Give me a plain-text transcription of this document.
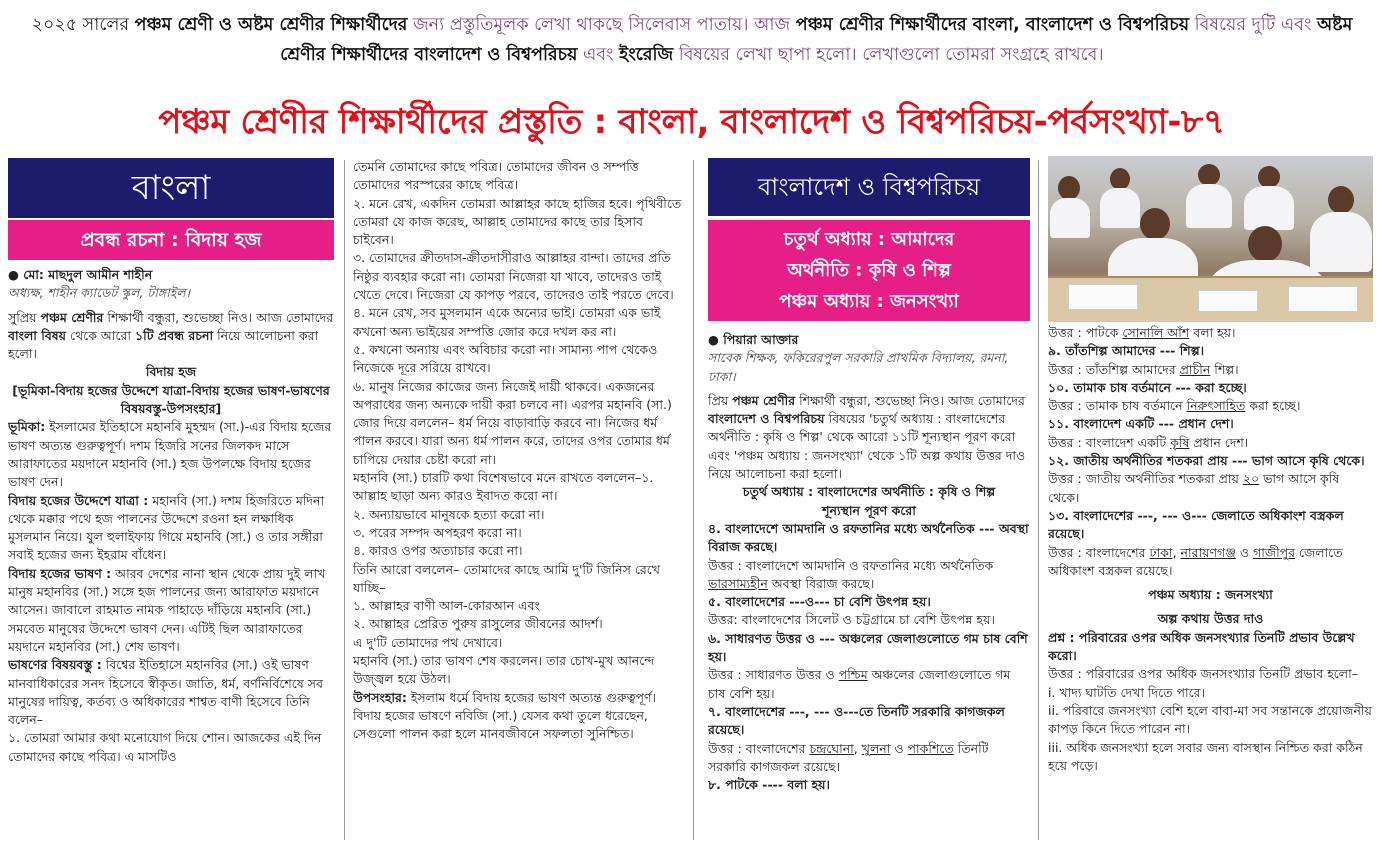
২০২৫ সালের পঞ্চম শ্রেণী ও অষ্টম শ্রেণীর শিক্ষার্থীদের জন্য প্রস্তুতিমূলক লেখা থাকছে সিলেবাস পাতায়। আজ পঞ্চম শ্রেণীর শিক্ষার্থীদের বাংলা, বাংলাদেশ ও বিশ্বপরিচয় বিষয়ের দুটি এবং অষ্টম শ্রেণীর শিক্ষার্থীদের বাংলাদেশ ও বিশ্বপরিচয় এবং ইংরেজি বিষয়ের লেখা ছাপা হলো। লেখাগুলো তোমরা সংগ্রহে রাখবে।
পঞ্চম শ্রেণীর শিক্ষার্থীদের প্রস্তুতি : বাংলা, বাংলাদেশ ও বিশ্বপরিচয়-পর্বসংখ্যা-৮৭
বাংলা
প্রবন্ধ রচনা : বিদায় হজ

● মো: মাছদুল আমীন শাহীন

অধ্যক্ষ, শাহীন ক্যাডেট স্কুল, টাঙ্গাইল।

সুপ্রিয় পঞ্চম শ্রেণীর শিক্ষার্থী বন্ধুরা, শুভেচ্ছা নিও। আজ তোমাদের বাংলা বিষয় থেকে আরো ১টি প্রবন্ধ রচনা নিয়ে আলোচনা করা হলো।

বিদায় হজ

[ভূমিকা-বিদায় হজের উদ্দেশে যাত্রা-বিদায় হজের ভাষণ-ভাষণের বিষয়বস্তু-উপসংহার]

ভূমিকা: ইসলামের ইতিহাসে মহানবি মুহম্মদ (সা.)-এর বিদায় হজের ভাষণ অত্যন্ত গুরুত্বপূর্ণ। দশম হিজরি সনের জিলকদ মাসে আরাফাতের ময়দানে মহানবি (সা.) হজ উপলক্ষে বিদায় হজের ভাষণ দেন।

বিদায় হজের উদ্দেশে যাত্রা : মহানবি (সা.) দশম হিজরিতে মদিনা থেকে মক্কার পথে হজ পালনের উদ্দেশে রওনা হন লক্ষাধিক মুসলমান নিয়ে। যুল হুলাইফায় গিয়ে মহানবি (সা.) ও তার সঙ্গীরা সবাই হজের জন্য ইহরাম বাঁধেন।

বিদায় হজের ভাষণ : আরব দেশের নানা স্থান থেকে প্রায় দুই লাখ মানুষ মহানবির (সা.) সঙ্গে হজ পালনের জন্য আরাফাত ময়দানে আসেন। জাবালে রাহমাত নামক পাহাড়ে দাঁড়িয়ে মহানবি (সা.) সমবেত মানুষের উদ্দেশে ভাষণ দেন। এটিই ছিল আরাফাতের ময়দানে মহানবির (সা.) শেষ ভাষণ।

ভাষণের বিষয়বস্তু : বিশ্বের ইতিহাসে মহানবির (সা.) ওই ভাষণ মানবাধিকারের সনদ হিসেবে স্বীকৃত। জাতি, ধর্ম, বর্ণনির্বিশেষে সব মানুষের দায়িত্ব, কর্তব্য ও অধিকারের শাশ্বত বাণী হিসেবে তিনি বলেন–

১. তোমরা আমার কথা মনোযোগ দিয়ে শোন। আজকের এই দিন তোমাদের কাছে পবিত্র। এ মাসটিও

তেমনি তোমাদের কাছে পবিত্র। তোমাদের জীবন ও সম্পত্তি তোমাদের পরস্পরের কাছে পবিত্র।

২. মনে রেখ, একদিন তোমরা আল্লাহর কাছে হাজির হবে। পৃথিবীতে তোমরা যে কাজ করেছ, আল্লাহ তোমাদের কাছে তার হিসাব চাইবেন।

৩. তোমাদের ক্রীতদাস-ক্রীতদাসীরাও আল্লাহর বান্দা। তাদের প্রতি নিষ্ঠুর ব্যবহার করো না। তোমরা নিজেরা যা খাবে, তাদেরও তাই খেতে দেবে। নিজেরা যে কাপড় পরবে, তাদেরও তাই পরতে দেবে।

৪. মনে রেখ, সব মুসলমান একে অন্যের ভাই। তোমরা এক ভাই কখনো অন্য ভাইয়ের সম্পত্তি জোর করে দখল কর না।

৫. কখনো অন্যায় এবং অবিচার করো না। সামান্য পাপ থেকেও নিজেকে দূরে সরিয়ে রাখবে।

৬. মানুষ নিজের কাজের জন্য নিজেই দায়ী থাকবে। একজনের অপরাধের জন্য অন্যকে দায়ী করা চলবে না। এরপর মহানবি (সা.) জোর দিয়ে বললেন– ধর্ম নিয়ে বাড়াবাড়ি করবে না। নিজের ধর্ম পালন করবে। যারা অন্য ধর্ম পালন করে, তাদের ওপর তোমার ধর্ম চাপিয়ে দেয়ার চেষ্টা করো না।

মহানবি (সা.) চারটি কথা বিশেষভাবে মনে রাখতে বললেন–১. আল্লাহ ছাড়া অন্য কারও ইবাদত করো না।

২. অন্যায়ভাবে মানুষকে হত্যা করো না।

৩. পরের সম্পদ অপহরণ করো না।

৪. কারও ওপর অত্যাচার করো না।

তিনি আরো বললেন– তোমাদের কাছে আমি দু'টি জিনিস রেখে যাচ্ছি–

১. আল্লাহর বাণী আল-কোরআন এবং

২. আল্লাহর প্রেরিত পুরুষ রাসুলের জীবনের আদর্শ।

এ দু'টি তোমাদের পথ দেখাবে।

মহানবি (সা.) তার ভাষণ শেষ করলেন। তার চোখ-মুখ আনন্দে উজ্জ্বল হয়ে উঠল।

উপসংহার: ইসলাম ধর্মে বিদায় হজের ভাষণ অত্যন্ত গুরুত্বপূর্ণ। বিদায় হজের ভাষণে নবিজি (সা.) যেসব কথা তুলে ধরেছেন, সেগুলো পালন করা হলে মানবজীবনে সফলতা সুনিশ্চিত।

বাংলাদেশ ও বিশ্বপরিচয়
চতুর্থ অধ্যায় : আমাদের
অর্থনীতি : কৃষি ও শিল্প
পঞ্চম অধ্যায় : জনসংখ্যা

● পিয়ারা আক্তার

সাবেক শিক্ষক, ফকিরেরপুল সরকারি প্রাথমিক বিদ্যালয়, রমনা, ঢাকা।

প্রিয় পঞ্চম শ্রেণীর শিক্ষার্থী বন্ধুরা, শুভেচ্ছা নিও। আজ তোমাদের বাংলাদেশ ও বিশ্বপরিচয় বিষয়ের 'চতুর্থ অধ্যায় : বাংলাদেশের অর্থনীতি : কৃষি ও শিল্প' থেকে আরো ১১টি শূন্যস্থান পূরণ করো এবং 'পঞ্চম অধ্যায় : জনসংখ্যা' থেকে ১টি অল্প কথায় উত্তর দাও নিয়ে আলোচনা করা হলো।

চতুর্থ অধ্যায় : বাংলাদেশের অর্থনীতি : কৃষি ও শিল্প

শূন্যস্থান পূরণ করো

৪. বাংলাদেশে আমদানি ও রফতানির মধ্যে অর্থনৈতিক --- অবস্থা বিরাজ করছে।

উত্তর : বাংলাদেশে আমদানি ও রফতানির মধ্যে অর্থনৈতিক ভারসাম্যহীন অবস্থা বিরাজ করছে।

৫. বাংলাদেশের ---ও--- চা বেশি উৎপন্ন হয়।

উত্তর: বাংলাদেশের সিলেট ও চট্টগ্রামে চা বেশি উৎপন্ন হয়।

৬. সাধারণত উত্তর ও --- অঞ্চলের জেলাগুলোতে গম চাষ বেশি হয়।

উত্তর : সাধারণত উত্তর ও পশ্চিম অঞ্চলের জেলাগুলোতে গম চাষ বেশি হয়।

৭. বাংলাদেশের ---, --- ও---তে তিনটি সরকারি কাগজকল রয়েছে।

উত্তর : বাংলাদেশের চন্দ্রঘোনা, খুলনা ও পাকশিতে তিনটি সরকারি কাগজকল রয়েছে।

৮. পাটকে ---- বলা হয়।

উত্তর : পাটকে সোনালি আঁশ বলা হয়।

৯. তাঁতশিল্প আমাদের --- শিল্প।

উত্তর : তাঁতশিল্প আমাদের প্রাচীন শিল্প।

১০. তামাক চাষ বর্তমানে --- করা হচ্ছে।

উত্তর : তামাক চাষ বর্তমানে নিরুৎসাহিত করা হচ্ছে।

১১. বাংলাদেশ একটি --- প্রধান দেশ।

উত্তর : বাংলাদেশ একটি কৃষি প্রধান দেশ।

১২. জাতীয় অর্থনীতির শতকরা প্রায় --- ভাগ আসে কৃষি থেকে।

উত্তর : জাতীয় অর্থনীতির শতকরা প্রায় ২০ ভাগ আসে কৃষি থেকে।

১৩. বাংলাদেশের ---, --- ও--- জেলাতে অধিকাংশ বস্ত্রকল রয়েছে।

উত্তর : বাংলাদেশের ঢাকা, নারায়ণগঞ্জ ও গাজীপুর জেলাতে অধিকাংশ বস্ত্রকল রয়েছে।

পঞ্চম অধ্যায় : জনসংখ্যা

অল্প কথায় উত্তর দাও

প্রশ্ন : পরিবারের ওপর অধিক জনসংখ্যার তিনটি প্রভাব উল্লেখ করো।

উত্তর : পরিবারের ওপর অধিক জনসংখ্যার তিনটি প্রভাব হলো–

i. খাদ্য ঘাটতি দেখা দিতে পারে।

ii. পরিবারে জনসংখ্যা বেশি হলে বাবা-মা সব সন্তানকে প্রয়োজনীয় কাপড় কিনে দিতে পারেন না।

iii. অধিক জনসংখ্যা হলে সবার জন্য বাসস্থান নিশ্চিত করা কঠিন হয়ে পড়ে।
